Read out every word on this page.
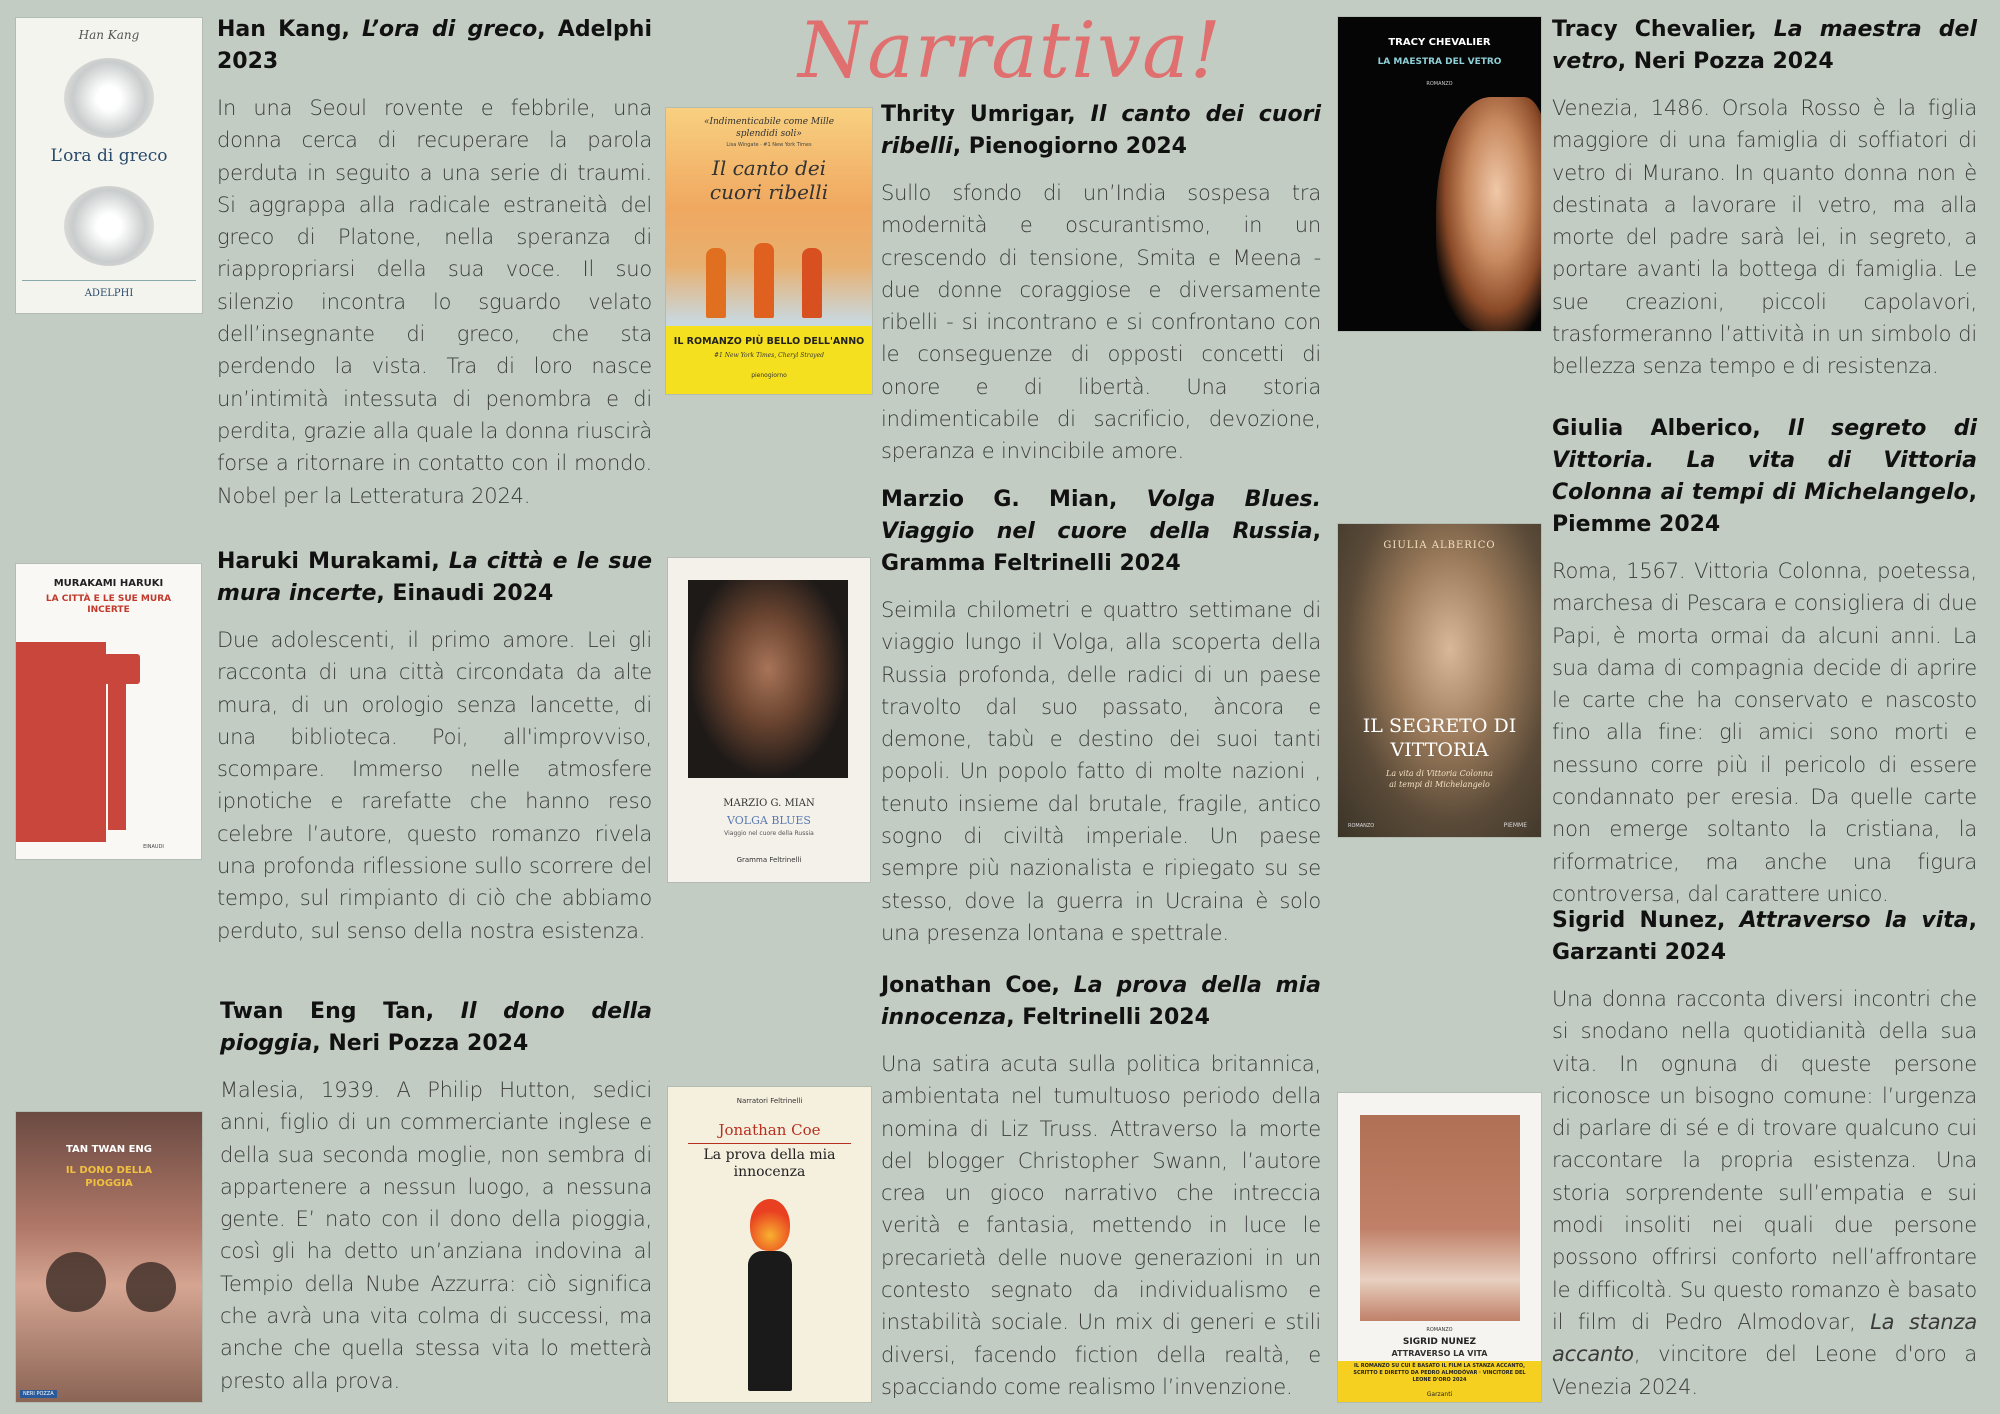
Narrativa!
Han Kang
L’ora di greco
ADELPHI
Han Kang, L’ora di greco, Adelphi 2023

In una Seoul rovente e febbrile, una donna cerca di recuperare la parola perduta in seguito a una serie di traumi. Si aggrappa alla radicale estraneità del greco di Platone, nella speranza di riappropriarsi della sua voce. Il suo silenzio incontra lo sguardo velato dell’insegnante di greco, che sta perdendo la vista. Tra di loro nasce un’intimità intessuta di penombra e di perdita, grazie alla quale la donna riuscirà forse a ritornare in contatto con il mondo. Nobel per la Letteratura 2024.

MURAKAMI HARUKI
LA CITTÀ E LE SUE MURA INCERTE
EINAUDI
Haruki Murakami, La città e le sue mura incerte, Einaudi 2024

Due adolescenti, il primo amore. Lei gli racconta di una città circondata da alte mura, di un orologio senza lancette, di una biblioteca. Poi, all'improvviso, scompare. Immerso nelle atmosfere ipnotiche e rarefatte che hanno reso celebre l’autore, questo romanzo rivela una profonda riflessione sullo scorrere del tempo, sul rimpianto di ciò che abbiamo perduto, sul senso della nostra esistenza.

TAN TWAN ENG
IL DONO DELLA PIOGGIA
NERI POZZA
Twan Eng Tan, Il dono della pioggia, Neri Pozza 2024

Malesia, 1939. A Philip Hutton, sedici anni, figlio di un commerciante inglese e della sua seconda moglie, non sembra di appartenere a nessun luogo, a nessuna gente. E’ nato con il dono della pioggia, così gli ha detto un’anziana indovina al Tempio della Nube Azzurra: ciò significa che avrà una vita colma di successi, ma anche che quella stessa vita lo metterà presto alla prova.

«Indimenticabile come Mille splendidi soli»
Lisa Wingate · #1 New York Times
Il canto dei cuori ribelli
IL ROMANZO PIÙ BELLO DELL'ANNO
#1 New York Times, Cheryl Strayed
pienogiorno
Thrity Umrigar, Il canto dei cuori ribelli, Pienogiorno 2024

Sullo sfondo di un’India sospesa tra modernità e oscurantismo, in un crescendo di tensione, Smita e Meena - due donne coraggiose e diversamente ribelli - si incontrano e si confrontano con le conseguenze di opposti concetti di onore e di libertà. Una storia indimenticabile di sacrificio, devozione, speranza e invincibile amore.

MARZIO G. MIAN
VOLGA BLUES
Viaggio nel cuore della Russia
Gramma Feltrinelli
Marzio G. Mian, Volga Blues. Viaggio nel cuore della Russia, Gramma Feltrinelli 2024

Seimila chilometri e quattro settimane di viaggio lungo il Volga, alla scoperta della Russia profonda, delle radici di un paese travolto dal suo passato, àncora e demone, tabù e destino dei suoi tanti popoli. Un popolo fatto di molte nazioni , tenuto insieme dal brutale, fragile, antico sogno di civiltà imperiale. Un paese sempre più nazionalista e ripiegato su se stesso, dove la guerra in Ucraina è solo una presenza lontana e spettrale.

Narratori Feltrinelli
Jonathan Coe
La prova della mia innocenza
Jonathan Coe, La prova della mia innocenza, Feltrinelli 2024

Una satira acuta sulla politica britannica, ambientata nel tumultuoso periodo della nomina di Liz Truss. Attraverso la morte del blogger Christopher Swann, l’autore crea un gioco narrativo che intreccia verità e fantasia, mettendo in luce le precarietà delle nuove generazioni in un contesto segnato da individualismo e instabilità sociale. Un mix di generi e stili diversi, facendo fiction della realtà, e spacciando come realismo l’invenzione.

TRACY CHEVALIER
LA MAESTRA DEL VETRO
ROMANZO
Tracy Chevalier, La maestra del vetro, Neri Pozza 2024

Venezia, 1486. Orsola Rosso è la figlia maggiore di una famiglia di soffiatori di vetro di Murano. In quanto donna non è destinata a lavorare il vetro, ma alla morte del padre sarà lei, in segreto, a portare avanti la bottega di famiglia. Le sue creazioni, piccoli capolavori, trasformeranno l’attività in un simbolo di bellezza senza tempo e di resistenza.

GIULIA ALBERICO
IL SEGRETO DI VITTORIA
La vita di Vittoria Colonna ai tempi di Michelangelo
ROMANZO	PIEMME
Giulia Alberico, Il segreto di Vittoria. La vita di Vittoria Colonna ai tempi di Michelangelo, Piemme 2024

Roma, 1567. Vittoria Colonna, poetessa, marchesa di Pescara e consigliera di due Papi, è morta ormai da alcuni anni. La sua dama di compagnia decide di aprire le carte che ha conservato e nascosto fino alla fine: gli amici sono morti e nessuno corre più il pericolo di essere condannato per eresia. Da quelle carte non emerge soltanto la cristiana, la riformatrice, ma anche una figura controversa, dal carattere unico.

ROMANZO
SIGRID NUNEZ
ATTRAVERSO LA VITA
IL ROMANZO SU CUI È BASATO IL FILM LA STANZA ACCANTO, SCRITTO E DIRETTO DA PEDRO ALMODÓVAR · VINCITORE DEL LEONE D'ORO 2024
Garzanti
Sigrid Nunez, Attraverso la vita, Garzanti 2024

Una donna racconta diversi incontri che si snodano nella quotidianità della sua vita. In ognuna di queste persone riconosce un bisogno comune: l’urgenza di parlare di sé e di trovare qualcuno cui raccontare la propria esistenza. Una storia sorprendente sull’empatia e sui modi insoliti nei quali due persone possono offrirsi conforto nell’affrontare le difficoltà. Su questo romanzo è basato il film di Pedro Almodovar, La stanza accanto, vincitore del Leone d'oro a Venezia 2024.
